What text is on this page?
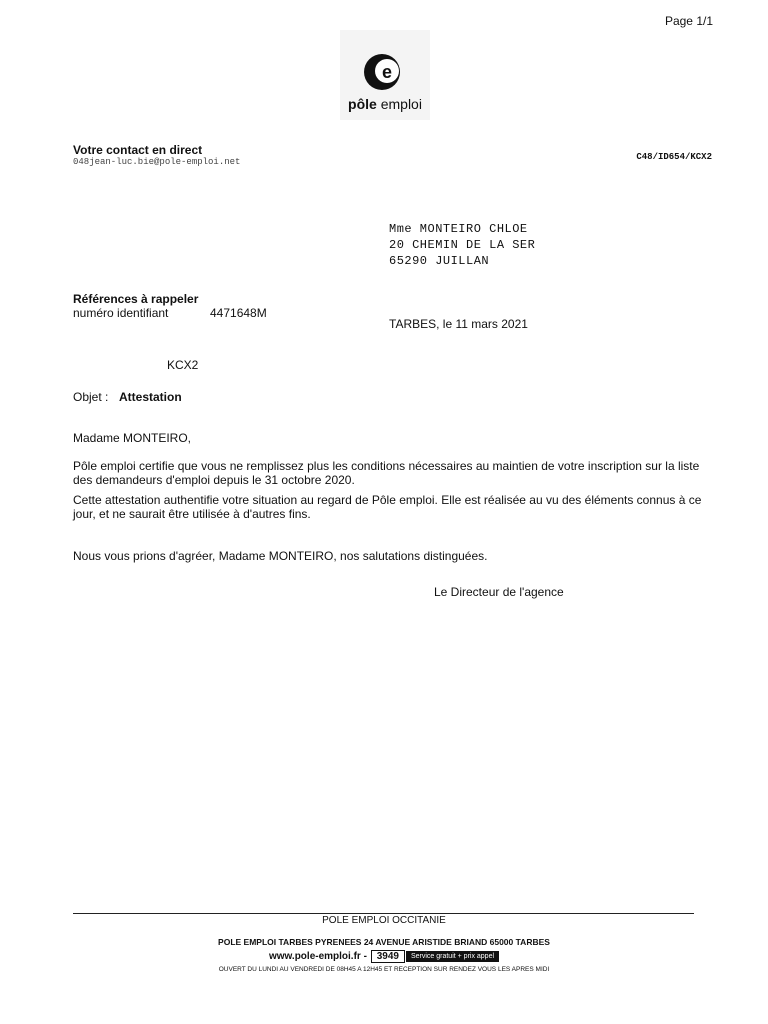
Page 1/1
e
pôle emploi
Votre contact en direct
048jean-luc.bie@pole-emploi.net	C48/ID654/KCX2
Mme MONTEIRO CHLOE
20 CHEMIN DE LA SER
65290 JUILLAN
Références à rappeler
numéro identifiant	4471648M
TARBES, le 11 mars 2021
KCX2
Objet : Attestation
Madame MONTEIRO,
Pôle emploi certifie que vous ne remplissez plus les conditions nécessaires au maintien de votre inscription sur la liste des demandeurs d'emploi depuis le 31 octobre 2020.
Cette attestation authentifie votre situation au regard de Pôle emploi. Elle est réalisée au vu des éléments connus à ce jour, et ne saurait être utilisée à d'autres fins.
Nous vous prions d'agréer, Madame MONTEIRO, nos salutations distinguées.
Le Directeur de l'agence
POLE EMPLOI OCCITANIE
POLE EMPLOI TARBES PYRENEES 24 AVENUE ARISTIDE BRIAND 65000 TARBES
www.pole-emploi.fr - 3949 Service gratuit + prix appel
OUVERT DU LUNDI AU VENDREDI DE 08H45 A 12H45 ET RECEPTION SUR RENDEZ VOUS LES APRES MIDI
